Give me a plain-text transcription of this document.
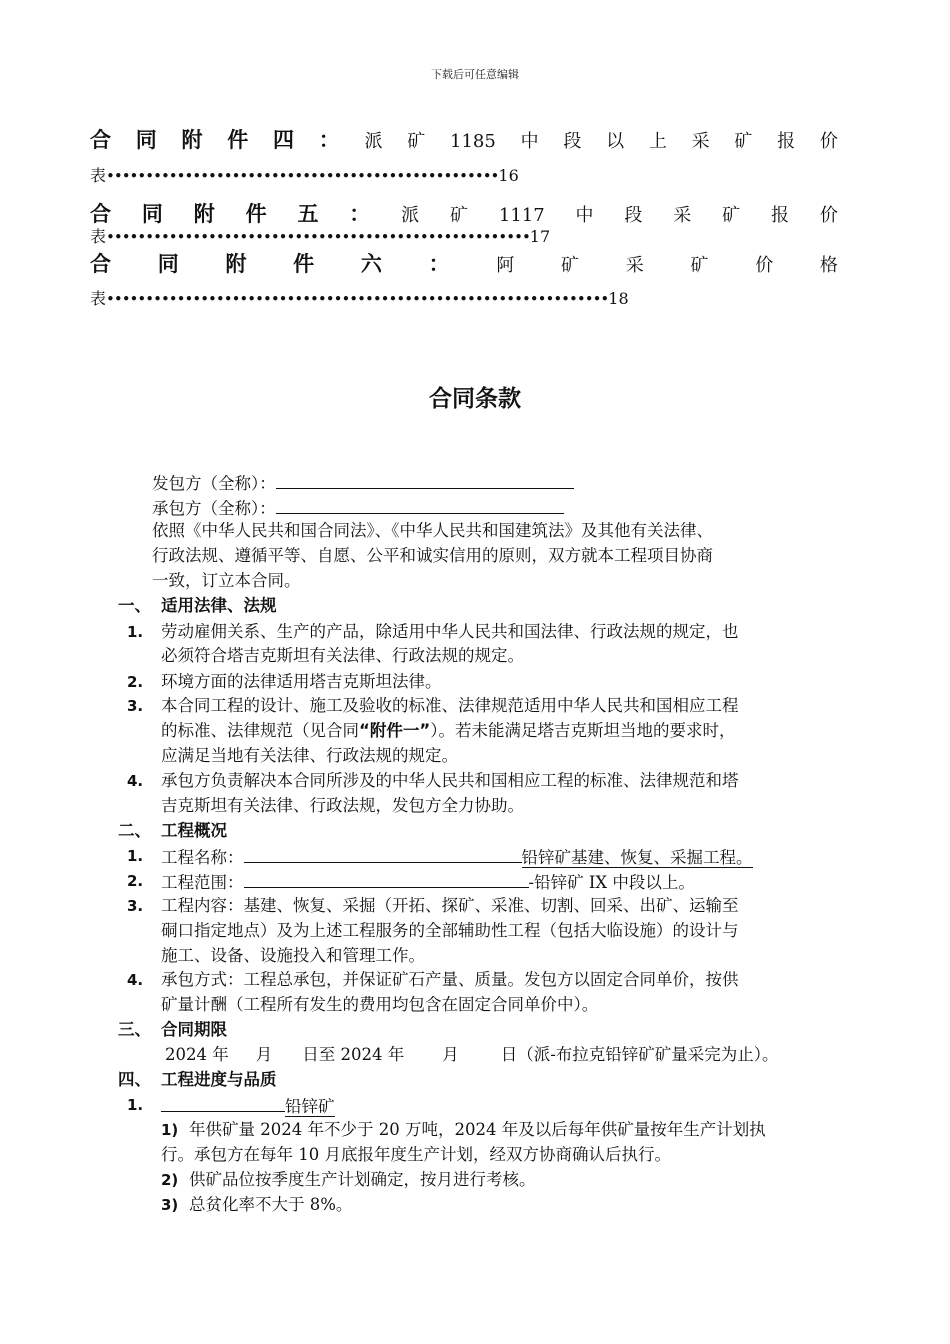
下载后可任意编辑
合 同 附 件 四 ： 派 矿 1185 中 段 以 上 采 矿 报 价
表••••••••••••••••••••••••••••••••••••••••••••••••••16
合 同 附 件 五 ： 派 矿 1117 中 段 采 矿 报 价
表••••••••••••••••••••••••••••••••••••••••••••••••••••••17
合 同 附 件 六 ：	阿	矿	采	矿	价	格
表••••••••••••••••••••••••••••••••••••••••••••••••••••••••••••••••18
合同条款
发包方（全称）：
承包方（全称）：
依照《中华人民共和国合同法》、《中华人民共和国建筑法》及其他有关法律、
行政法规、遵循平等、自愿、公平和诚实信用的原则，双方就本工程项目协商
一致，订立本合同。
一、 适用法律、法规
1. 劳动雇佣关系、生产的产品，除适用中华人民共和国法律、行政法规的规定，也
必须符合塔吉克斯坦有关法律、行政法规的规定。
2. 环境方面的法律适用塔吉克斯坦法律。
3. 本合同工程的设计、施工及验收的标准、法律规范适用中华人民共和国相应工程
的标准、法律规范（见合同“附件一”）。若未能满足塔吉克斯坦当地的要求时，
应满足当地有关法律、行政法规的规定。
4. 承包方负责解决本合同所涉及的中华人民共和国相应工程的标准、法律规范和塔
吉克斯坦有关法律、行政法规，发包方全力协助。
二、 工程概况
1. 工程名称：	铅锌矿基建、恢复、采掘工程。
2. 工程范围：	-铅锌矿 IX 中段以上。
3. 工程内容：基建、恢复、采掘（开拓、探矿、采准、切割、回采、出矿、运输至
硐口指定地点）及为上述工程服务的全部辅助性工程（包括大临设施）的设计与
施工、设备、设施投入和管理工作。
4. 承包方式：工程总承包，并保证矿石产量、质量。发包方以固定合同单价，按供
矿量计酬（工程所有发生的费用均包含在固定合同单价中）。
三、 合同期限
2024 年 月 日至 2024 年 月	日（派-布拉克铅锌矿矿量采完为止）。
四、 工程进度与品质
1.	铅锌矿
1) 年供矿量 2024 年不少于 20 万吨，2024 年及以后每年供矿量按年生产计划执
行。承包方在每年 10 月底报年度生产计划，经双方协商确认后执行。
2) 供矿品位按季度生产计划确定，按月进行考核。
3) 总贫化率不大于 8%。
